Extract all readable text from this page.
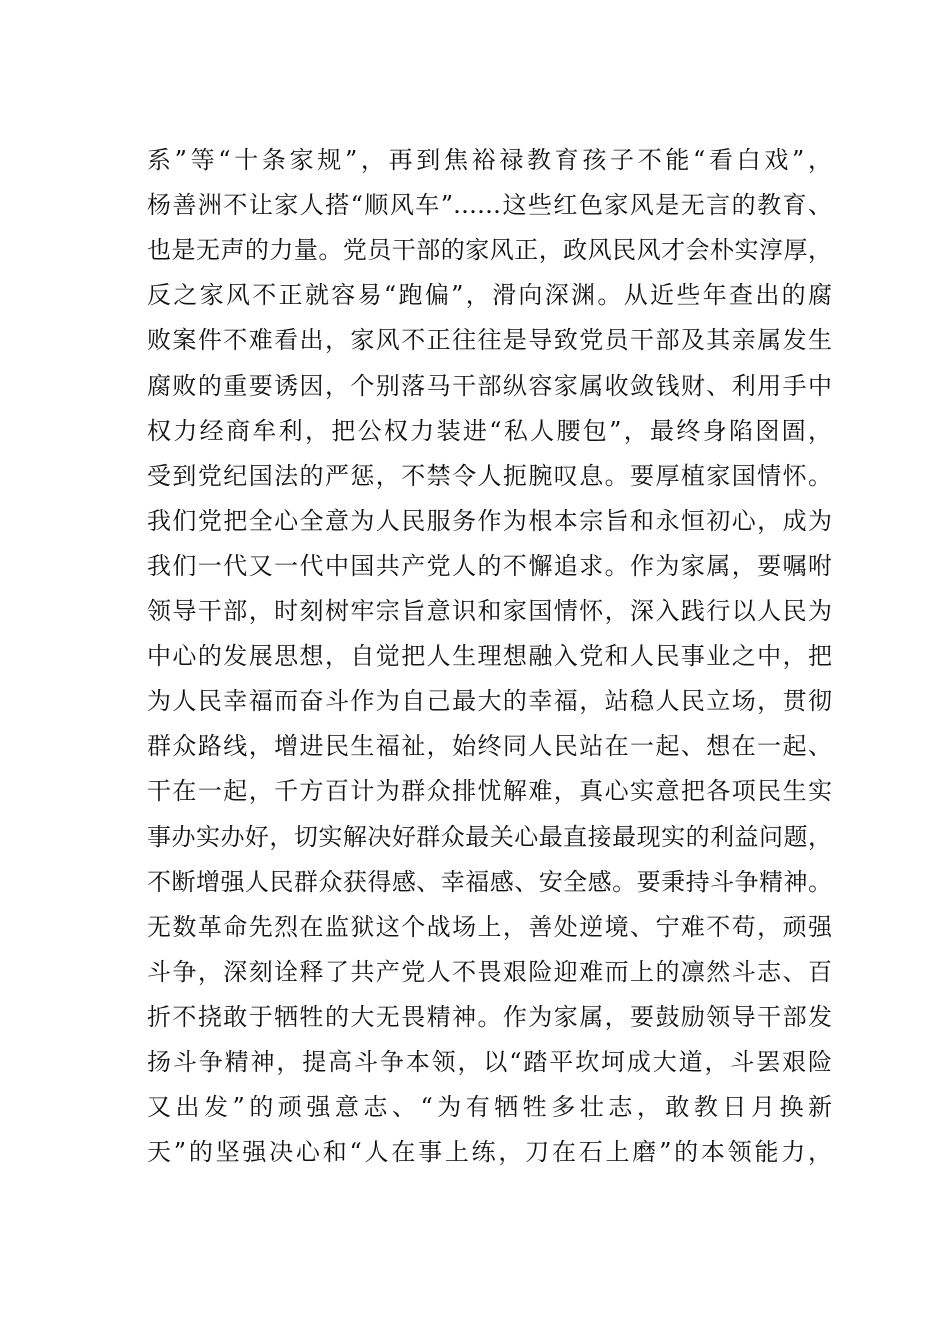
系”等“十条家规”，再到焦裕禄教育孩子不能“看白戏”，
杨善洲不让家人搭“顺风车”……这些红色家风是无言的教育、
也是无声的力量。党员干部的家风正，政风民风才会朴实淳厚，
反之家风不正就容易“跑偏”，滑向深渊。从近些年查出的腐
败案件不难看出，家风不正往往是导致党员干部及其亲属发生
腐败的重要诱因，个别落马干部纵容家属收敛钱财、利用手中
权力经商牟利，把公权力装进“私人腰包”，最终身陷囹圄，
受到党纪国法的严惩，不禁令人扼腕叹息。要厚植家国情怀。
我们党把全心全意为人民服务作为根本宗旨和永恒初心，成为
我们一代又一代中国共产党人的不懈追求。作为家属，要嘱咐
领导干部，时刻树牢宗旨意识和家国情怀，深入践行以人民为
中心的发展思想，自觉把人生理想融入党和人民事业之中，把
为人民幸福而奋斗作为自己最大的幸福，站稳人民立场，贯彻
群众路线，增进民生福祉，始终同人民站在一起、想在一起、
干在一起，千方百计为群众排忧解难，真心实意把各项民生实
事办实办好，切实解决好群众最关心最直接最现实的利益问题，
不断增强人民群众获得感、幸福感、安全感。要秉持斗争精神。
无数革命先烈在监狱这个战场上，善处逆境、宁难不苟，顽强
斗争，深刻诠释了共产党人不畏艰险迎难而上的凛然斗志、百
折不挠敢于牺牲的大无畏精神。作为家属，要鼓励领导干部发
扬斗争精神，提高斗争本领，以“踏平坎坷成大道，斗罢艰险
又出发”的顽强意志、“为有牺牲多壮志，敢教日月换新
天”的坚强决心和“人在事上练，刀在石上磨”的本领能力，
